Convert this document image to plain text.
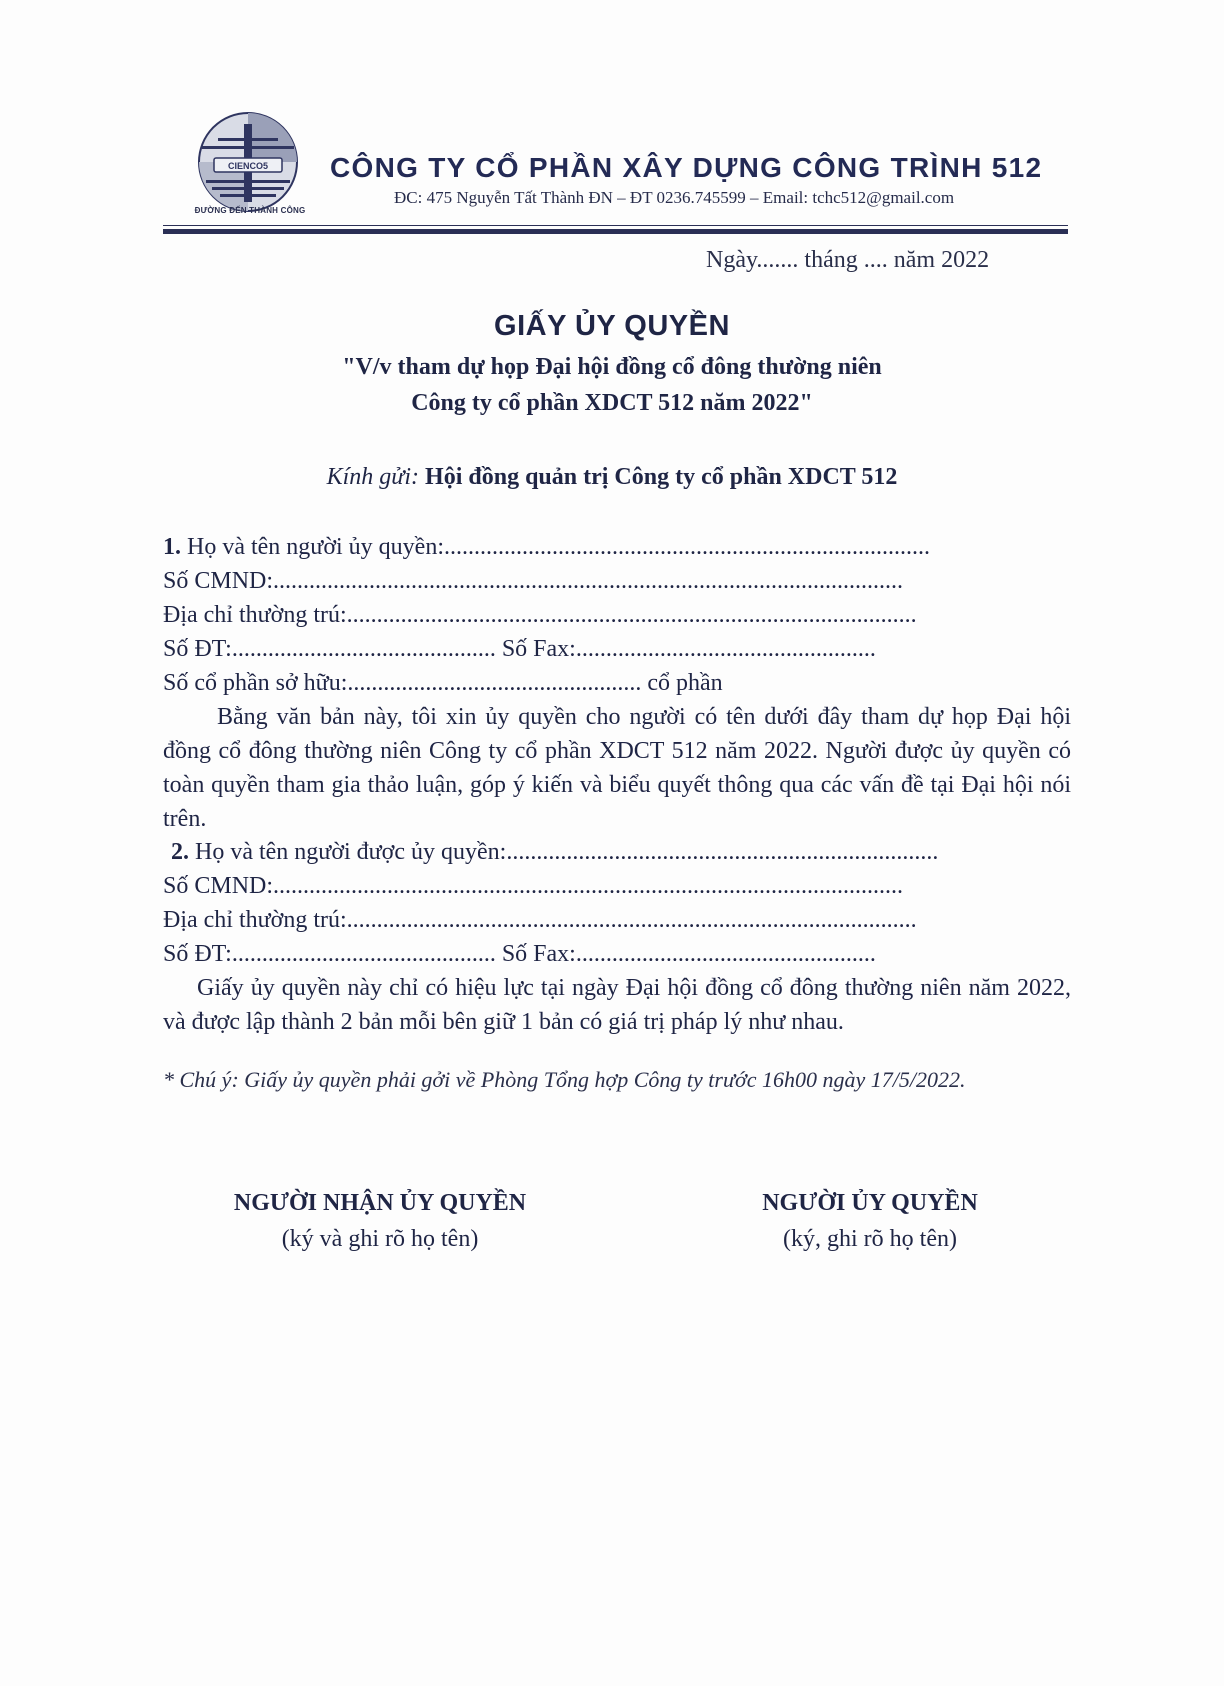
CIENCO5
ĐƯỜNG ĐẾN THÀNH CÔNG
CÔNG TY CỔ PHẦN XÂY DỰNG CÔNG TRÌNH 512
ĐC: 475 Nguyễn Tất Thành ĐN – ĐT 0236.745599 – Email: tchc512@gmail.com
Ngày....... tháng .... năm 2022
GIẤY ỦY QUYỀN
"V/v tham dự họp Đại hội đồng cổ đông thường niên
Công ty cổ phần XDCT 512 năm 2022"
Kính gửi: Hội đồng quản trị Công ty cổ phần XDCT 512
1. Họ và tên người ủy quyền:.................................................................................
Số CMND:.........................................................................................................
Địa chỉ thường trú:...............................................................................................
Số ĐT:............................................ Số Fax:..................................................
Số cổ phần sở hữu:................................................. cổ phần
Bằng văn bản này, tôi xin ủy quyền cho người có tên dưới đây tham dự họp Đại hội đồng cổ đông thường niên Công ty cổ phần XDCT 512 năm 2022. Người được ủy quyền có toàn quyền tham gia thảo luận, góp ý kiến và biểu quyết thông qua các vấn đề tại Đại hội nói trên.
2. Họ và tên người được ủy quyền:........................................................................
Số CMND:.........................................................................................................
Địa chỉ thường trú:...............................................................................................
Số ĐT:............................................ Số Fax:..................................................
Giấy ủy quyền này chỉ có hiệu lực tại ngày Đại hội đồng cổ đông thường niên năm 2022, và được lập thành 2 bản mỗi bên giữ 1 bản có giá trị pháp lý như nhau.
* Chú ý: Giấy ủy quyền phải gởi về Phòng Tổng hợp Công ty trước 16h00 ngày 17/5/2022.
NGƯỜI NHẬN ỦY QUYỀN
(ký và ghi rõ họ tên)
NGƯỜI ỦY QUYỀN
(ký, ghi rõ họ tên)
